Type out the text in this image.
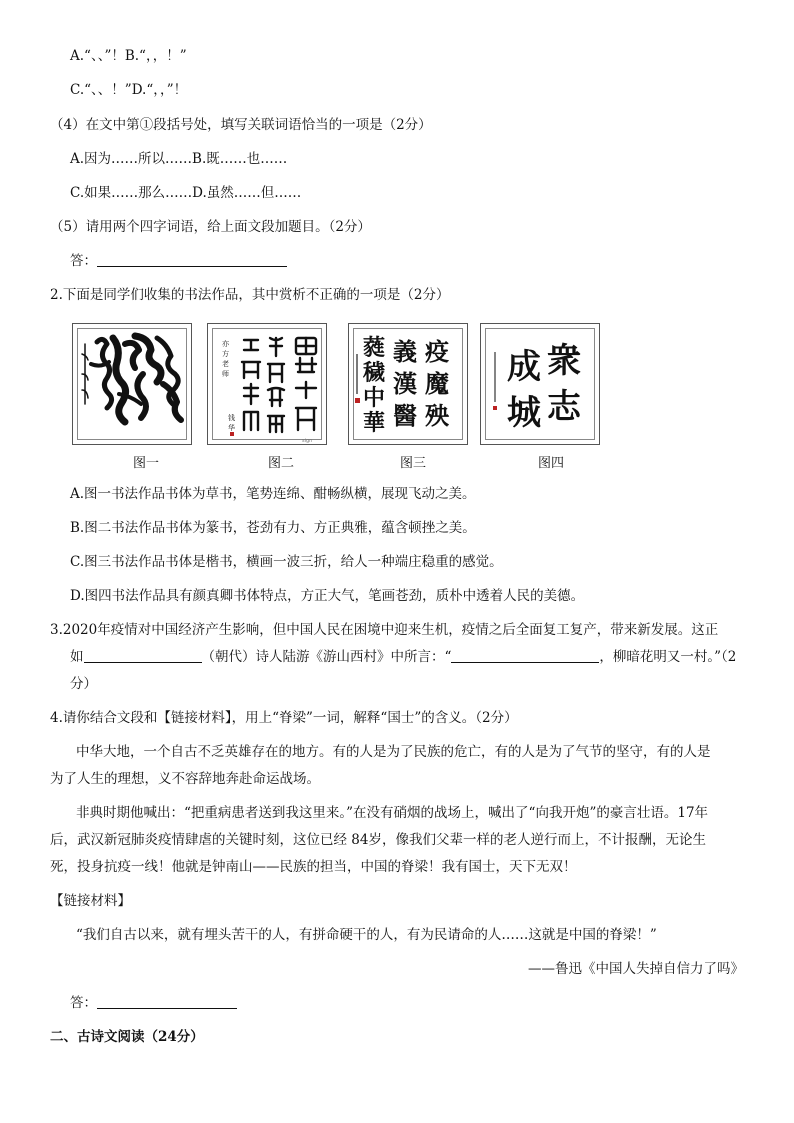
A.“、、”！B.“，，！”
C.“、、！”D.“，，”！
（4）在文中第①段括号处，填写关联词语恰当的一项是（2分）
A.因为……所以……B.既……也……
C.如果……那么……D.虽然……但……
（5）请用两个四字词语，给上面文段加题目。（2分）
答：
2.下面是同学们收集的书法作品，其中赏析不正确的一项是（2分）
亦
方
老
师
钱
华
sign
疫
魔
殃
義
漢
醫
蕤
穢
中
華
衆
志
成
城
图一	图二	图三	图四
A.图一书法作品书体为草书，笔势连绵、酣畅纵横，展现飞动之美。
B.图二书法作品书体为篆书，苍劲有力、方正典雅，蕴含顿挫之美。
C.图三书法作品书体是楷书，横画一波三折，给人一种端庄稳重的感觉。
D.图四书法作品具有颜真卿书体特点，方正大气，笔画苍劲，质朴中透着人民的美德。
3.2020年疫情对中国经济产生影响，但中国人民在困境中迎来生机，疫情之后全面复工复产，带来新发展。这正
如	（朝代）诗人陆游《游山西村》中所言：“	，柳暗花明又一村。”（2
分）
4.请你结合文段和【链接材料】，用上“脊梁”一词，解释“国士”的含义。（2分）
中华大地，一个自古不乏英雄存在的地方。有的人是为了民族的危亡，有的人是为了气节的坚守，有的人是
为了人生的理想，义不容辞地奔赴命运战场。
非典时期他喊出：“把重病患者送到我这里来。”在没有硝烟的战场上，喊出了“向我开炮”的豪言壮语。17年
后，武汉新冠肺炎疫情肆虐的关键时刻，这位已经 84岁，像我们父辈一样的老人逆行而上，不计报酬，无论生
死，投身抗疫一线！他就是钟南山——民族的担当，中国的脊梁！我有国士，天下无双！
【链接材料】
“我们自古以来，就有埋头苦干的人，有拼命硬干的人，有为民请命的人……这就是中国的脊梁！”
——鲁迅《中国人失掉自信力了吗》
答：
二、古诗文阅读（24分）
